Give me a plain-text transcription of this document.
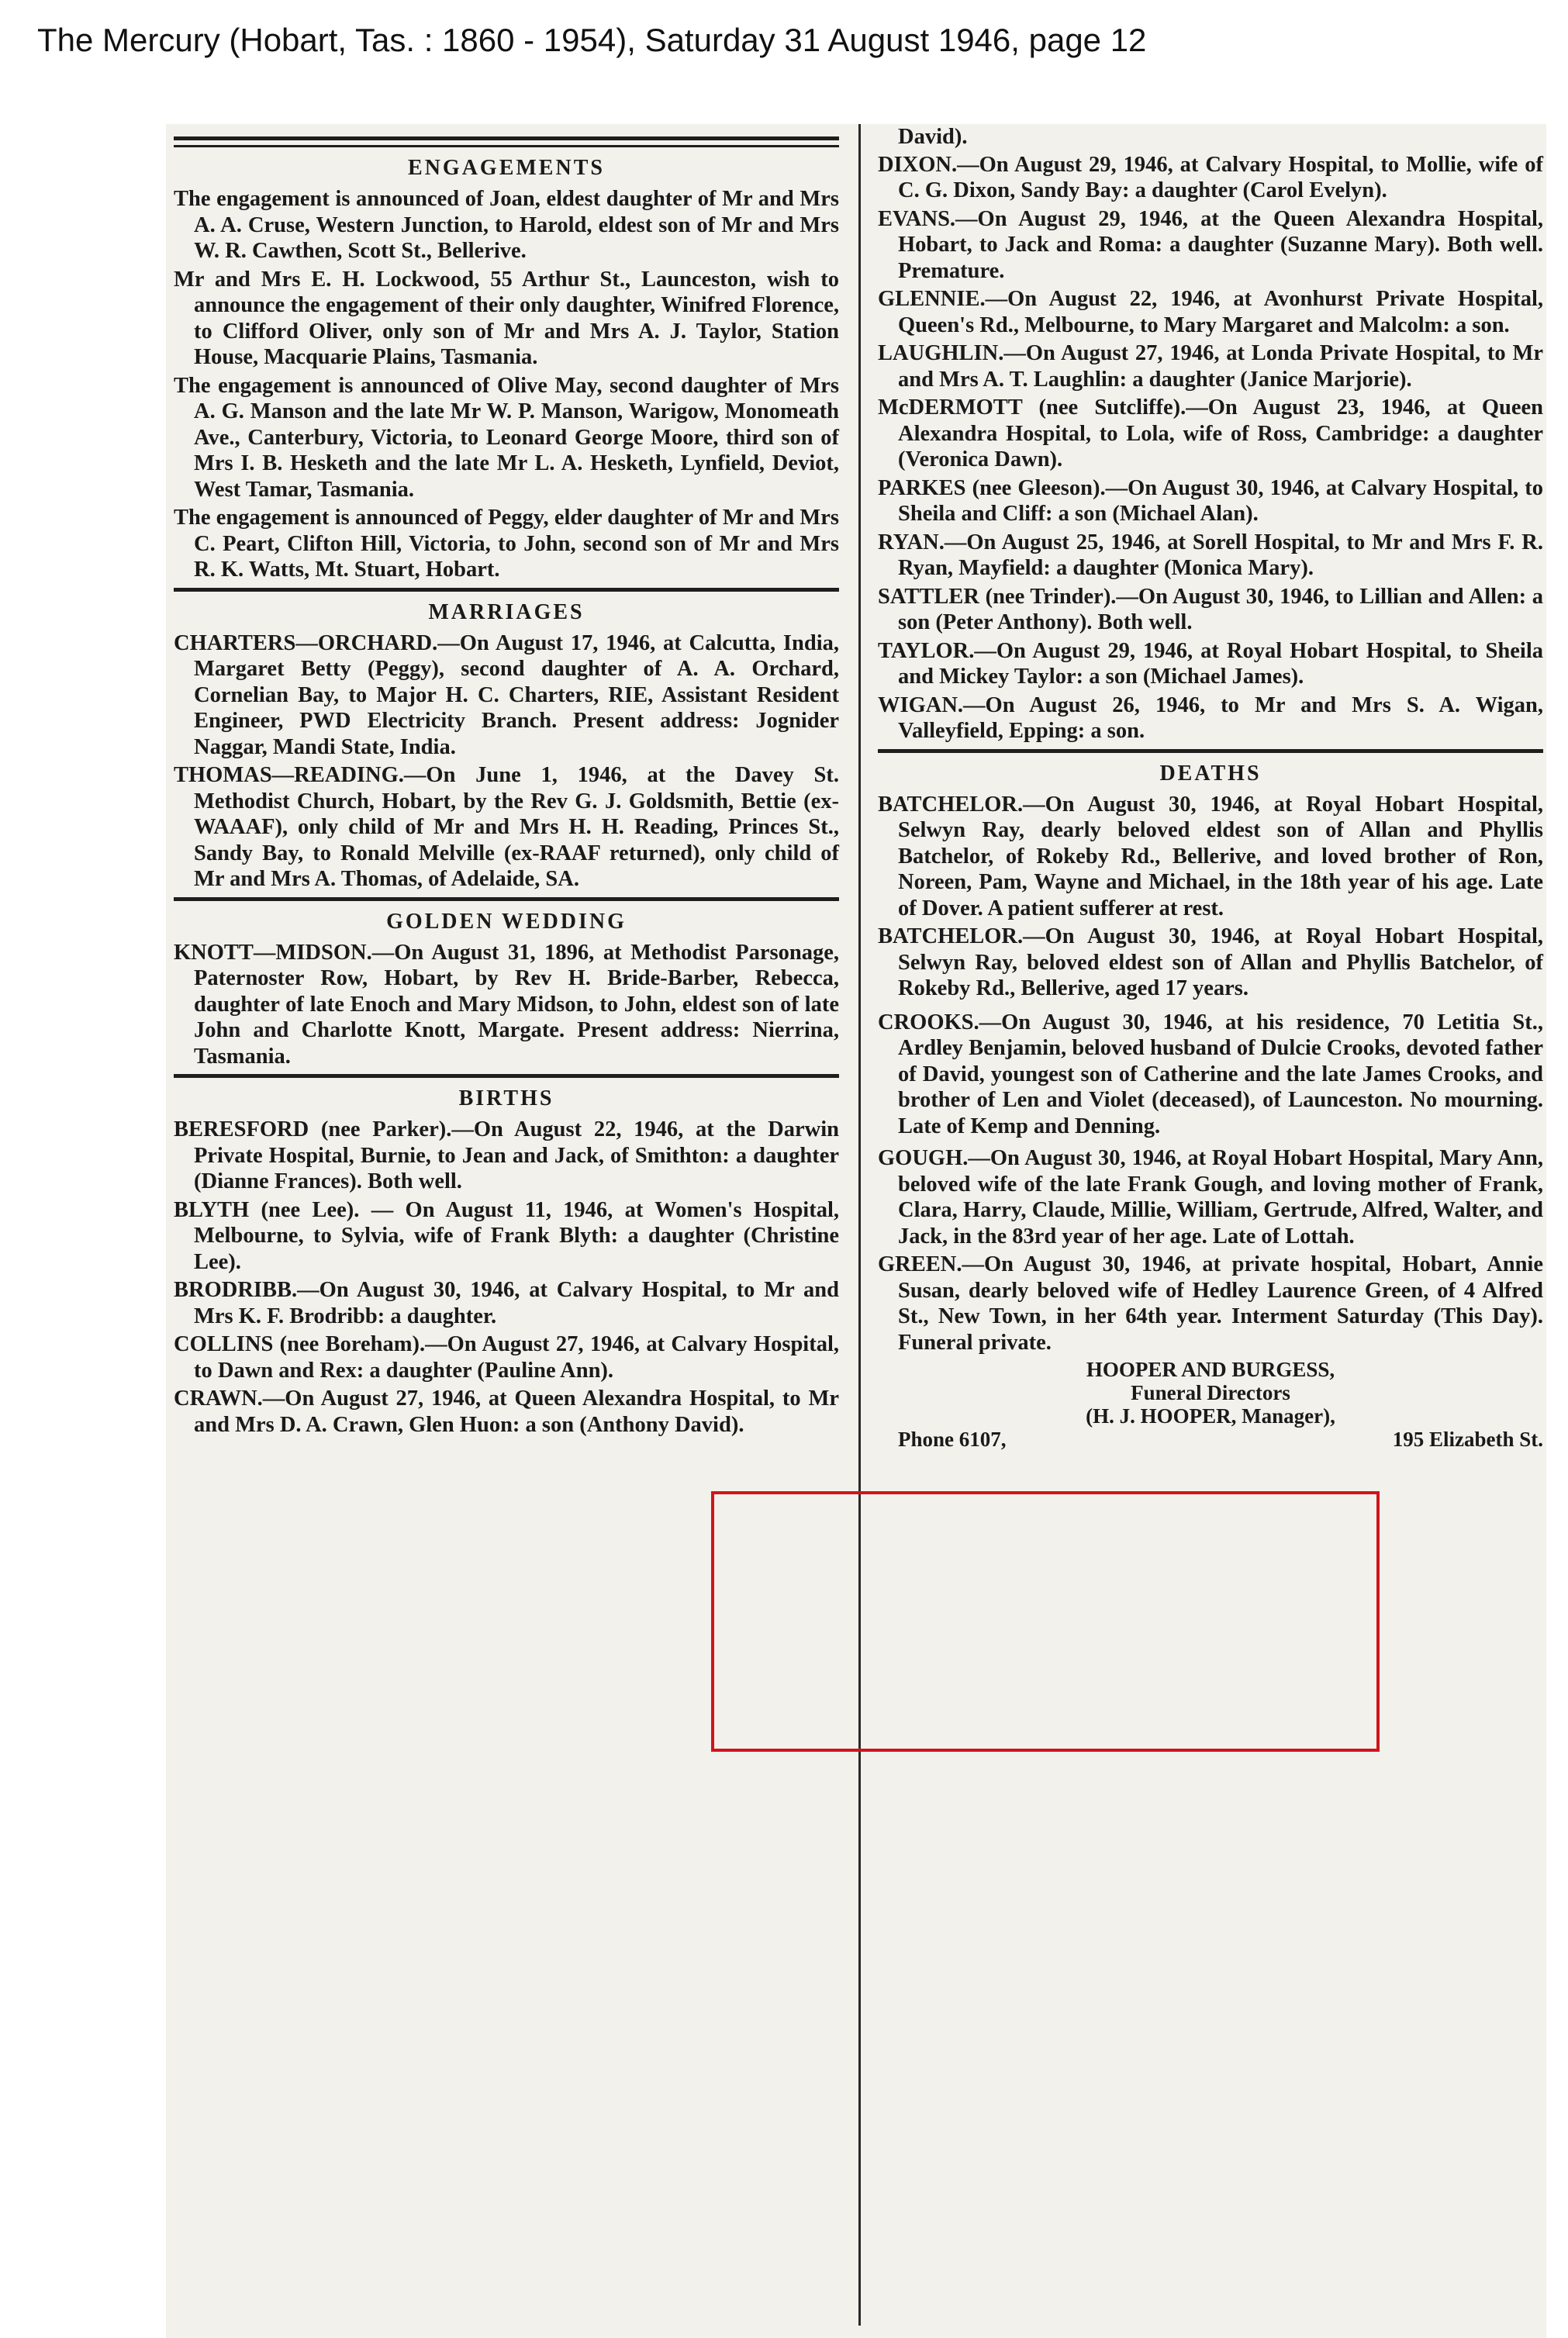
The Mercury (Hobart, Tas. : 1860 - 1954), Saturday 31 August 1946, page 12
ENGAGEMENTS

The engagement is announced of Joan, eldest daughter of Mr and Mrs A. A. Cruse, Western Junction, to Harold, eldest son of Mr and Mrs W. R. Cawthen, Scott St., Bellerive.

Mr and Mrs E. H. Lockwood, 55 Arthur St., Launceston, wish to announce the engagement of their only daughter, Winifred Florence, to Clifford Oliver, only son of Mr and Mrs A. J. Taylor, Station House, Macquarie Plains, Tasmania.

The engagement is announced of Olive May, second daughter of Mrs A. G. Manson and the late Mr W. P. Manson, Warigow, Monomeath Ave., Canterbury, Victoria, to Leonard George Moore, third son of Mrs I. B. Hesketh and the late Mr L. A. Hesketh, Lynfield, Deviot, West Tamar, Tasmania.

The engagement is announced of Peggy, elder daughter of Mr and Mrs C. Peart, Clifton Hill, Victoria, to John, second son of Mr and Mrs R. K. Watts, Mt. Stuart, Hobart.

MARRIAGES

CHARTERS—ORCHARD.—On August 17, 1946, at Calcutta, India, Margaret Betty (Peggy), second daughter of A. A. Orchard, Cornelian Bay, to Major H. C. Charters, RIE, Assistant Resident Engineer, PWD Electricity Branch. Present address: Jognider Naggar, Mandi State, India.

THOMAS—READING.—On June 1, 1946, at the Davey St. Methodist Church, Hobart, by the Rev G. J. Goldsmith, Bettie (ex-WAAAF), only child of Mr and Mrs H. H. Reading, Princes St., Sandy Bay, to Ronald Melville (ex-RAAF returned), only child of Mr and Mrs A. Thomas, of Adelaide, SA.

GOLDEN WEDDING

KNOTT—MIDSON.—On August 31, 1896, at Methodist Parsonage, Paternoster Row, Hobart, by Rev H. Bride-Barber, Rebecca, daughter of late Enoch and Mary Midson, to John, eldest son of late John and Charlotte Knott, Margate. Present address: Nierrina, Tasmania.

BIRTHS

BERESFORD (nee Parker).—On August 22, 1946, at the Darwin Private Hospital, Burnie, to Jean and Jack, of Smithton: a daughter (Dianne Frances). Both well.

BLYTH (nee Lee). — On August 11, 1946, at Women's Hospital, Melbourne, to Sylvia, wife of Frank Blyth: a daughter (Christine Lee).

BRODRIBB.—On August 30, 1946, at Calvary Hospital, to Mr and Mrs K. F. Brodribb: a daughter.

COLLINS (nee Boreham).—On August 27, 1946, at Calvary Hospital, to Dawn and Rex: a daughter (Pauline Ann).

CRAWN.—On August 27, 1946, at Queen Alexandra Hospital, to Mr and Mrs D. A. Crawn, Glen Huon: a son (Anthony David).

David).

DIXON.—On August 29, 1946, at Calvary Hospital, to Mollie, wife of C. G. Dixon, Sandy Bay: a daughter (Carol Evelyn).

EVANS.—On August 29, 1946, at the Queen Alexandra Hospital, Hobart, to Jack and Roma: a daughter (Suzanne Mary). Both well. Premature.

GLENNIE.—On August 22, 1946, at Avonhurst Private Hospital, Queen's Rd., Melbourne, to Mary Margaret and Malcolm: a son.

LAUGHLIN.—On August 27, 1946, at Londa Private Hospital, to Mr and Mrs A. T. Laughlin: a daughter (Janice Marjorie).

McDERMOTT (nee Sutcliffe).—On August 23, 1946, at Queen Alexandra Hospital, to Lola, wife of Ross, Cambridge: a daughter (Veronica Dawn).

PARKES (nee Gleeson).—On August 30, 1946, at Calvary Hospital, to Sheila and Cliff: a son (Michael Alan).

RYAN.—On August 25, 1946, at Sorell Hospital, to Mr and Mrs F. R. Ryan, Mayfield: a daughter (Monica Mary).

SATTLER (nee Trinder).—On August 30, 1946, to Lillian and Allen: a son (Peter Anthony). Both well.

TAYLOR.—On August 29, 1946, at Royal Hobart Hospital, to Sheila and Mickey Taylor: a son (Michael James).

WIGAN.—On August 26, 1946, to Mr and Mrs S. A. Wigan, Valleyfield, Epping: a son.

DEATHS

BATCHELOR.—On August 30, 1946, at Royal Hobart Hospital, Selwyn Ray, dearly beloved eldest son of Allan and Phyllis Batchelor, of Rokeby Rd., Bellerive, and loved brother of Ron, Noreen, Pam, Wayne and Michael, in the 18th year of his age. Late of Dover. A patient sufferer at rest.

BATCHELOR.—On August 30, 1946, at Royal Hobart Hospital, Selwyn Ray, beloved eldest son of Allan and Phyllis Batchelor, of Rokeby Rd., Bellerive, aged 17 years.

CROOKS.—On August 30, 1946, at his residence, 70 Letitia St., Ardley Benjamin, beloved husband of Dulcie Crooks, devoted father of David, youngest son of Catherine and the late James Crooks, and brother of Len and Violet (deceased), of Launceston. No mourning. Late of Kemp and Denning.

GOUGH.—On August 30, 1946, at Royal Hobart Hospital, Mary Ann, beloved wife of the late Frank Gough, and loving mother of Frank, Clara, Harry, Claude, Millie, William, Gertrude, Alfred, Walter, and Jack, in the 83rd year of her age. Late of Lottah.

GREEN.—On August 30, 1946, at private hospital, Hobart, Annie Susan, dearly beloved wife of Hedley Laurence Green, of 4 Alfred St., New Town, in her 64th year. Interment Saturday (This Day). Funeral private.

HOOPER AND BURGESS,
Funeral Directors
(H. J. HOOPER, Manager),
Phone 6107,	195 Elizabeth St.
